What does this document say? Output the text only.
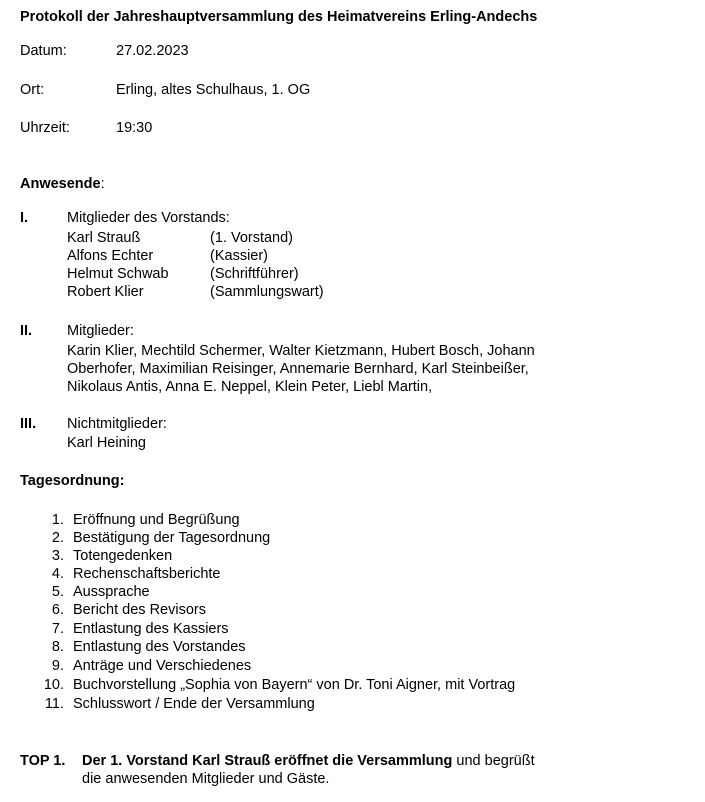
Protokoll der Jahreshauptversammlung des Heimatvereins Erling-Andechs
Datum:	27.02.2023
Ort:	Erling, altes Schulhaus, 1. OG
Uhrzeit:	19:30
Anwesende:
I.	Mitglieder des Vorstands:
Karl Strauß	(1. Vorstand)
Alfons Echter	(Kassier)
Helmut Schwab	(Schriftführer)
Robert Klier	(Sammlungswart)
II. Mitglieder:
Karin Klier, Mechtild Schermer, Walter Kietzmann, Hubert Bosch, Johann
Oberhofer, Maximilian Reisinger, Annemarie Bernhard, Karl Steinbeißer,
Nikolaus Antis, Anna E. Neppel, Klein Peter, Liebl Martin,
III. Nichtmitglieder:
Karl Heining
Tagesordnung:
1. Eröffnung und Begrüßung
2. Bestätigung der Tagesordnung
3. Totengedenken
4. Rechenschaftsberichte
5. Aussprache
6. Bericht des Revisors
7. Entlastung des Kassiers
8. Entlastung des Vorstandes
9. Anträge und Verschiedenes
10. Buchvorstellung „Sophia von Bayern“ von Dr. Toni Aigner, mit Vortrag
11. Schlusswort / Ende der Versammlung
TOP 1. Der 1. Vorstand Karl Strauß eröffnet die Versammlung und begrüßt
die anwesenden Mitglieder und Gäste.
